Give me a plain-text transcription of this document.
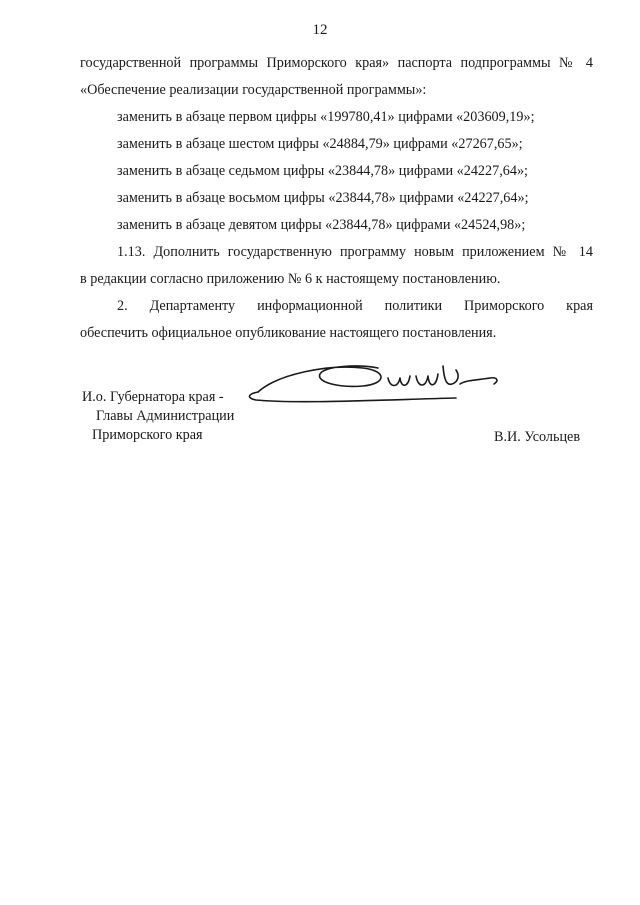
12
государственной программы Приморского края» паспорта подпрограммы № 4
«Обеспечение реализации государственной программы»:
заменить в абзаце первом цифры «199780,41» цифрами «203609,19»;
заменить в абзаце шестом цифры «24884,79» цифрами «27267,65»;
заменить в абзаце седьмом цифры «23844,78» цифрами «24227,64»;
заменить в абзаце восьмом цифры «23844,78» цифрами «24227,64»;
заменить в абзаце девятом цифры «23844,78» цифрами «24524,98»;
1.13. Дополнить государственную программу новым приложением № 14
в редакции согласно приложению № 6 к настоящему постановлению.
2. Департаменту информационной политики Приморского края
обеспечить официальное опубликование настоящего постановления.
И.о. Губернатора края -
Главы Администрации
Приморского края	В.И. Усольцев
